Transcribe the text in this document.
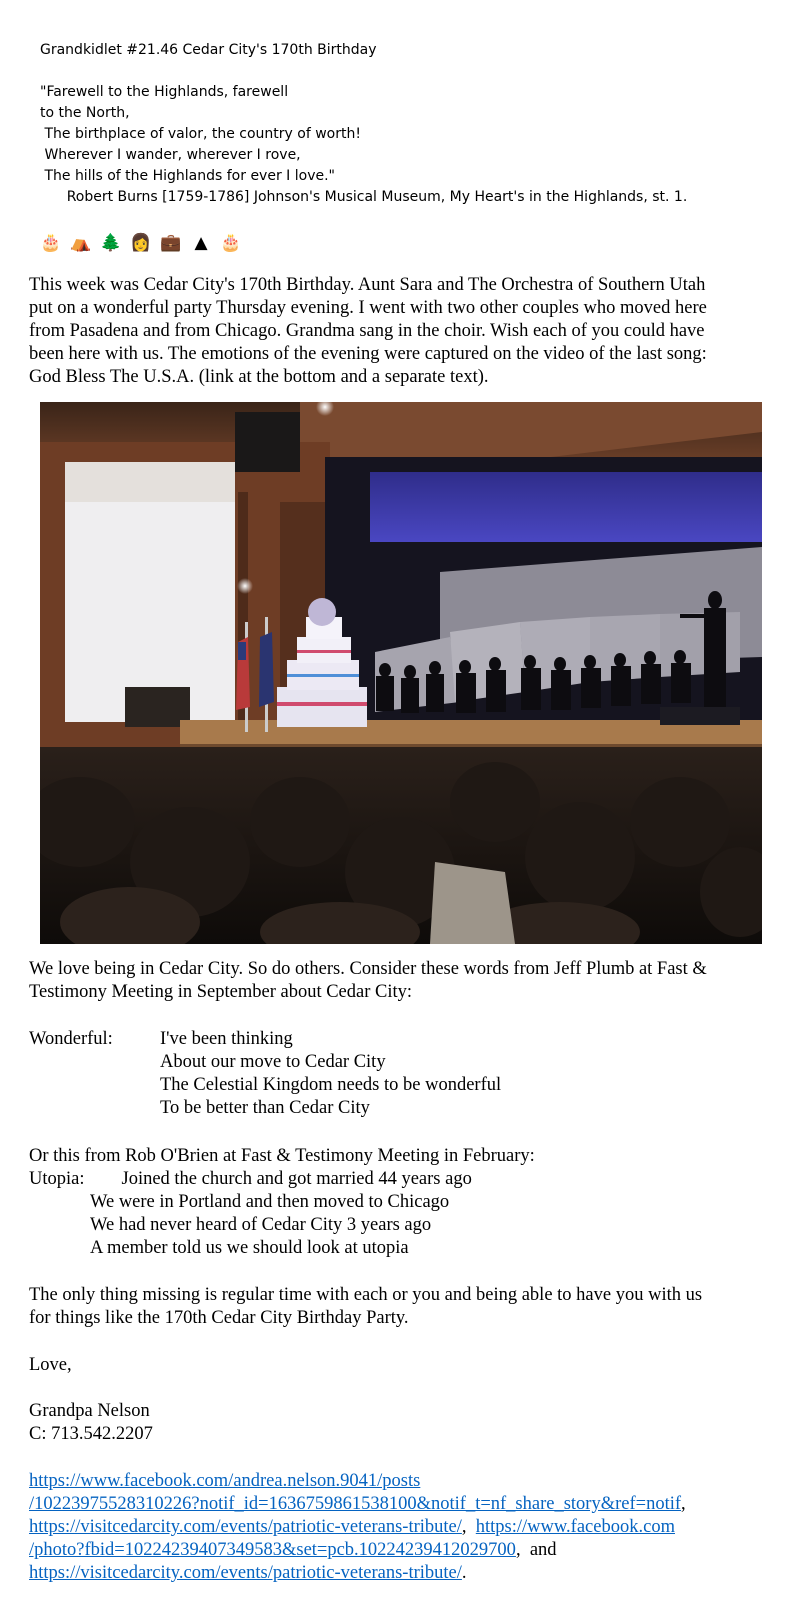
Grandkidlet #21.46 Cedar City's 170th Birthday
"Farewell to the Highlands, farewell
to the North,
The birthplace of valor, the country of worth!
Wherever I wander, wherever I rove,
The hills of the Highlands for ever I love."
Robert Burns [1759-1786] Johnson's Musical Museum, My Heart's in the Highlands, st. 1.
🎂 ⛺ 🌲 👩 💼 ▲ 🎂
This week was Cedar City's 170th Birthday. Aunt Sara and The Orchestra of Southern Utah
put on a wonderful party Thursday evening. I went with two other couples who moved here
from Pasadena and from Chicago. Grandma sang in the choir. Wish each of you could have
been here with us. The emotions of the evening were captured on the video of the last song:
God Bless The U.S.A. (link at the bottom and a separate text).
We love being in Cedar City. So do others. Consider these words from Jeff Plumb at Fast &
Testimony Meeting in September about Cedar City:
Wonderful:	I've been thinking
About our move to Cedar City
The Celestial Kingdom needs to be wonderful
To be better than Cedar City
Or this from Rob O'Brien at Fast & Testimony Meeting in February:
Utopia:        Joined the church and got married 44 years ago
We were in Portland and then moved to Chicago
We had never heard of Cedar City 3 years ago
A member told us we should look at utopia
The only thing missing is regular time with each or you and being able to have you with us
for things like the 170th Cedar City Birthday Party.
Love,
Grandpa Nelson
C: 713.542.2207
https://www.facebook.com/andrea.nelson.9041/posts
/10223975528310226?notif_id=1636759861538100&notif_t=nf_share_story&ref=notif,
https://visitcedarcity.com/events/patriotic-veterans-tribute/,  https://www.facebook.com
/photo?fbid=10224239407349583&set=pcb.10224239412029700,  and
https://visitcedarcity.com/events/patriotic-veterans-tribute/.
